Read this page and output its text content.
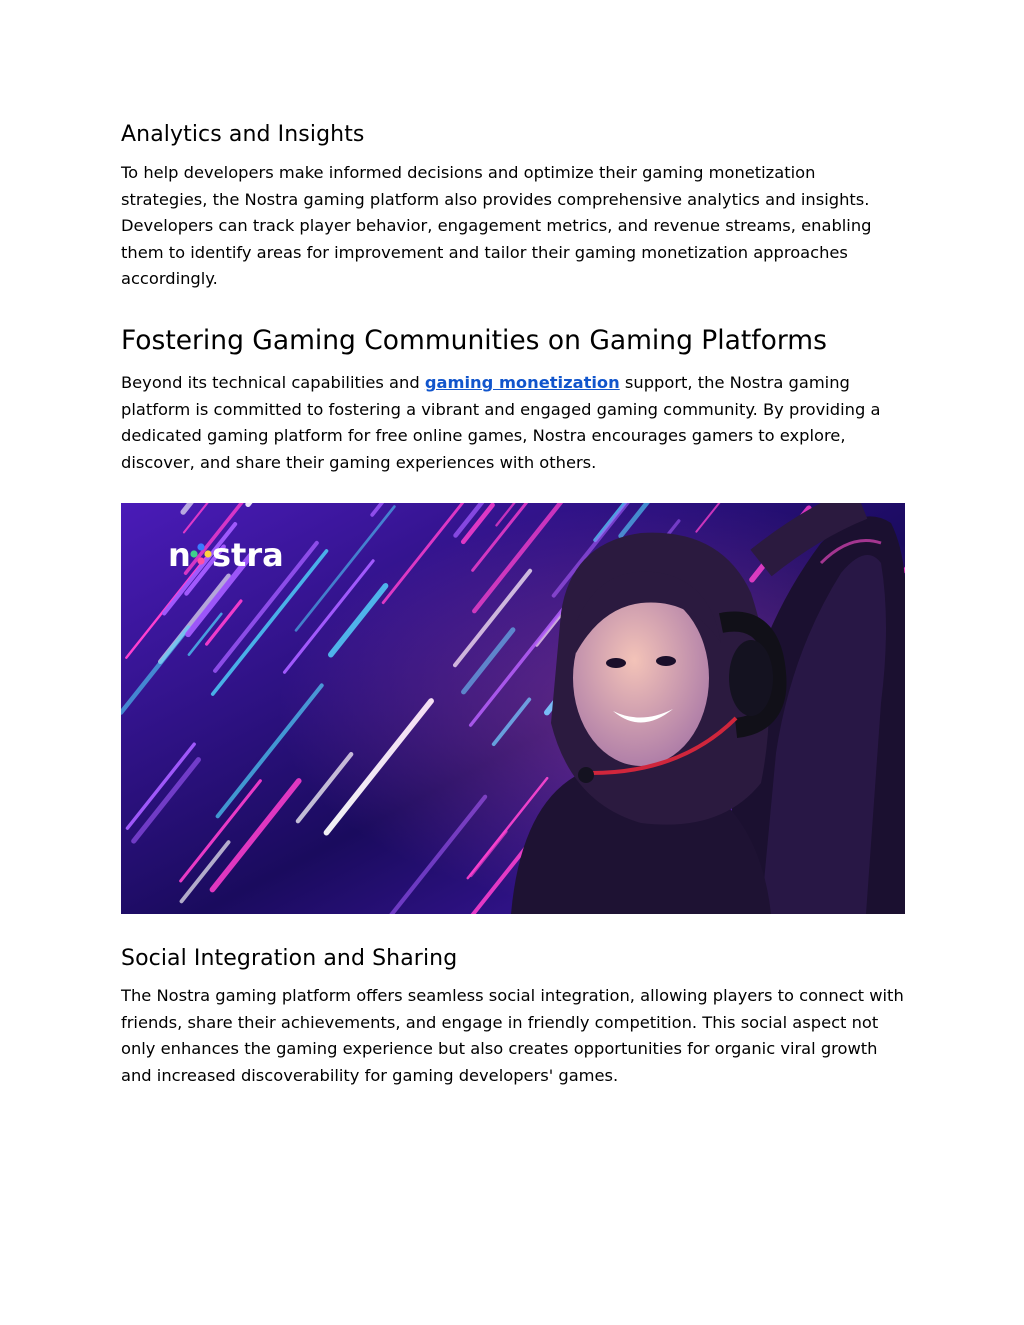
Analytics and Insights

To help developers make informed decisions and optimize their gaming monetization strategies, the Nostra gaming platform also provides comprehensive analytics and insights. Developers can track player behavior, engagement metrics, and revenue streams, enabling them to identify areas for improvement and tailor their gaming monetization approaches accordingly.

Fostering Gaming Communities on Gaming Platforms

Beyond its technical capabilities and gaming monetization support, the Nostra gaming platform is committed to fostering a vibrant and engaged gaming community. By providing a dedicated gaming platform for free online games, Nostra encourages gamers to explore, discover, and share their gaming experiences with others.

n stra
Social Integration and Sharing

The Nostra gaming platform offers seamless social integration, allowing players to connect with friends, share their achievements, and engage in friendly competition. This social aspect not only enhances the gaming experience but also creates opportunities for organic viral growth and increased discoverability for gaming developers' games.
